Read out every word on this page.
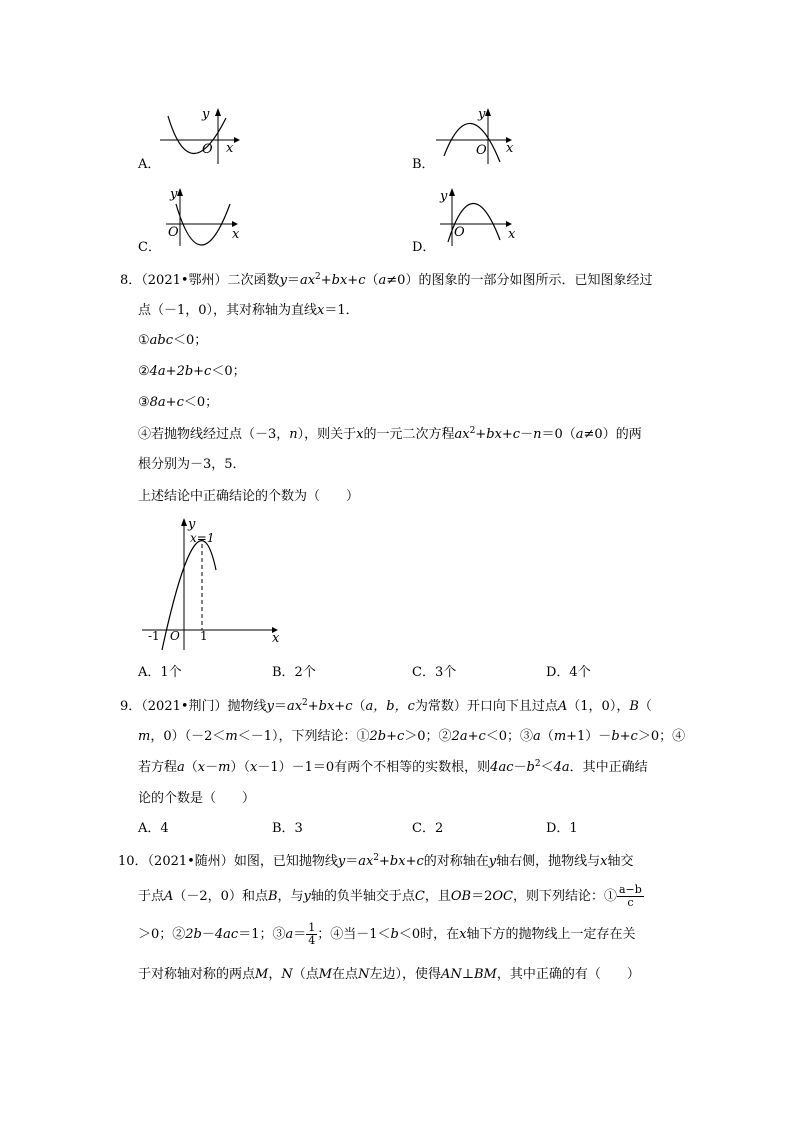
A．
O x
y
B．
O x
y
C．
O	x
y
D．
O	x
y
8．（2021•鄂州）二次函数$y=ax^2+bx+c(a\ne 0)$的图象的一部分如图所示．已知图象经过
点（－1，0），其对称轴为直线x＝1．
①abc＜0；
②4a+2b+c＜0；
③8a+c＜0；
④若抛物线经过点（－3，n），则关于x的一元二次方程$ax^2+bx+c-n=0(a\ne 0)$的两
根分别为－3，5．
上述结论中正确结论的个数为（　　）
y
x=1
-1 O 1	x
A．1个	B．2个	C．3个	D．4个
9．（2021•荆门）抛物线$y=ax^2+bx+c(a$，b，c为常数）开口向下且过点A（1，0），B（
m，0）（－2＜m＜－1），下列结论：①2b+c＞0；②2a+c＜0；③a（m+1）－b+c＞0；④
若方程a（x－m）（x－1）－1＝0有两个不相等的实数根，则$4ac-b^2<4a$．其中正确结
论的个数是（　　）
A．4	B．3	C．2	D．1
10．（2021•随州）如图，已知抛物线$y=ax^2+bx+c$的对称轴在y轴右侧，抛物线与x轴交
于点A（－2，0）和点B，与y轴的负半轴交于点C，且OB＝2OC，则下列结论：① $\frac{a-b}{c}$
＞0；②2b－4ac＝1；③a＝ $\frac{1}{4}$ ；④当－1＜b＜0时，在x轴下方的抛物线上一定存在关
于对称轴对称的两点M，N（点M在点N左边），使得AN⊥BM，其中正确的有（　　）
